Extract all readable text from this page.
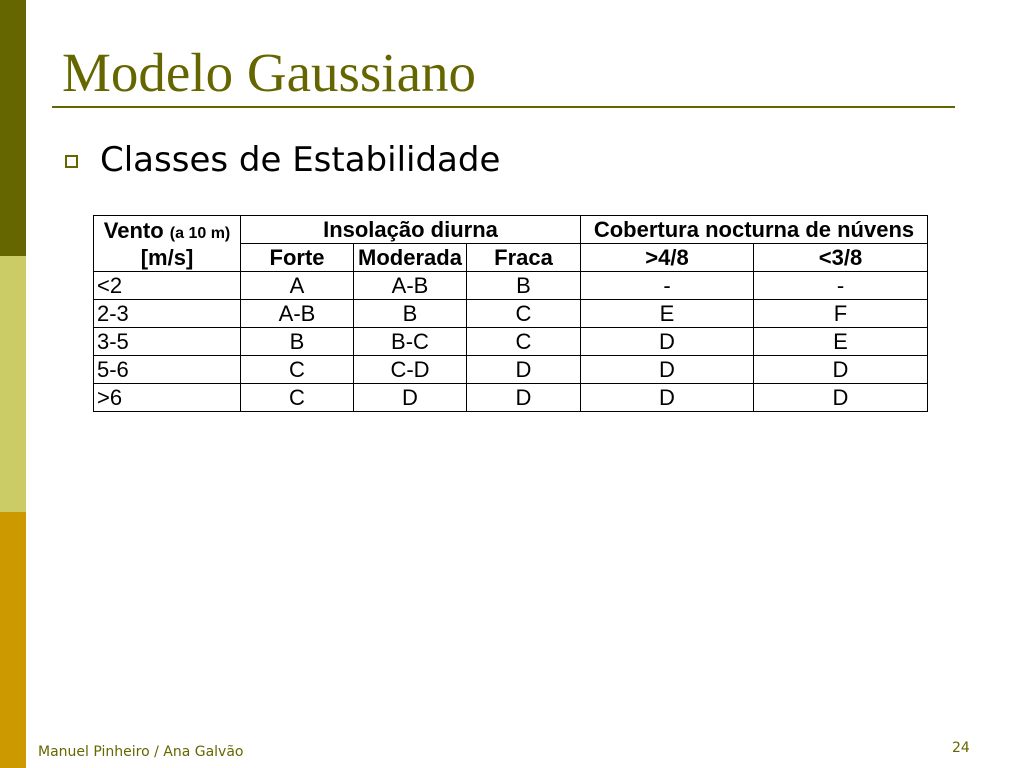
Modelo Gaussiano
Classes de Estabilidade
Vento (a 10 m)
[m/s]	Insolação diurna			Cobertura nocturna de núvens	
	Forte	Moderada	Fraca	>4/8	<3/8
<2	A	A-B	B	-	-
2-3	A-B	B	C	E	F
3-5	B	B-C	C	D	E
5-6	C	C-D	D	D	D
>6	C	D	D	D	D
Manuel Pinheiro / Ana Galvão	24
